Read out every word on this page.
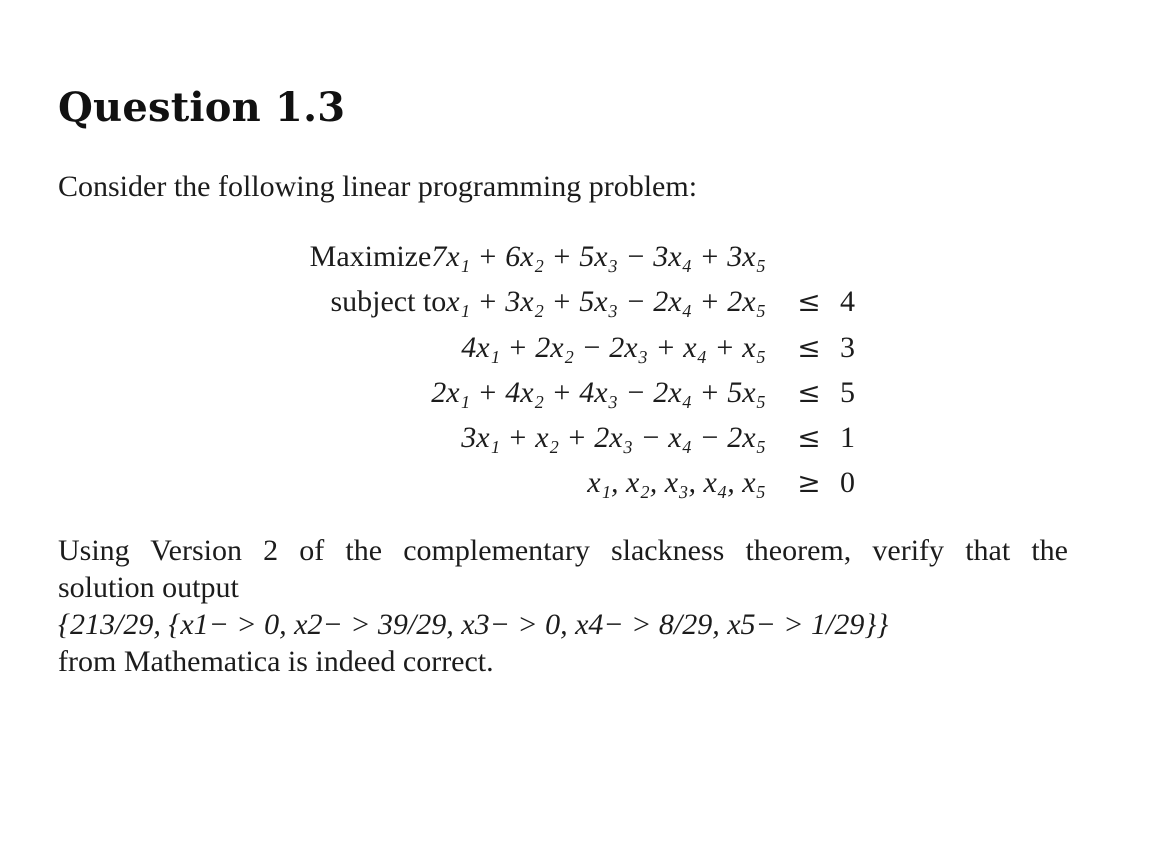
Question 1.3

Consider the following linear programming problem:

Maximize7x₁ + 6x₂ + 5x₃ − 3x₄ + 3x₅
subject tox₁ + 3x₂ + 5x₃ − 2x₄ + 2x₅ ≤ 4
4x₁ + 2x₂ − 2x₃ + x₄ + x₅ ≤ 3
2x₁ + 4x₂ + 4x₃ − 2x₄ + 5x₅ ≤ 5
3x₁ + x₂ + 2x₃ − x₄ − 2x₅ ≤ 1
x₁, x₂, x₃, x₄, x₅ ≥ 0
Using Version 2 of the complementary slackness theorem, verify that the
solution output
{213/29, {x1− > 0, x2− > 39/29, x3− > 0, x4− > 8/29, x5− > 1/29}}
from Mathematica is indeed correct.
